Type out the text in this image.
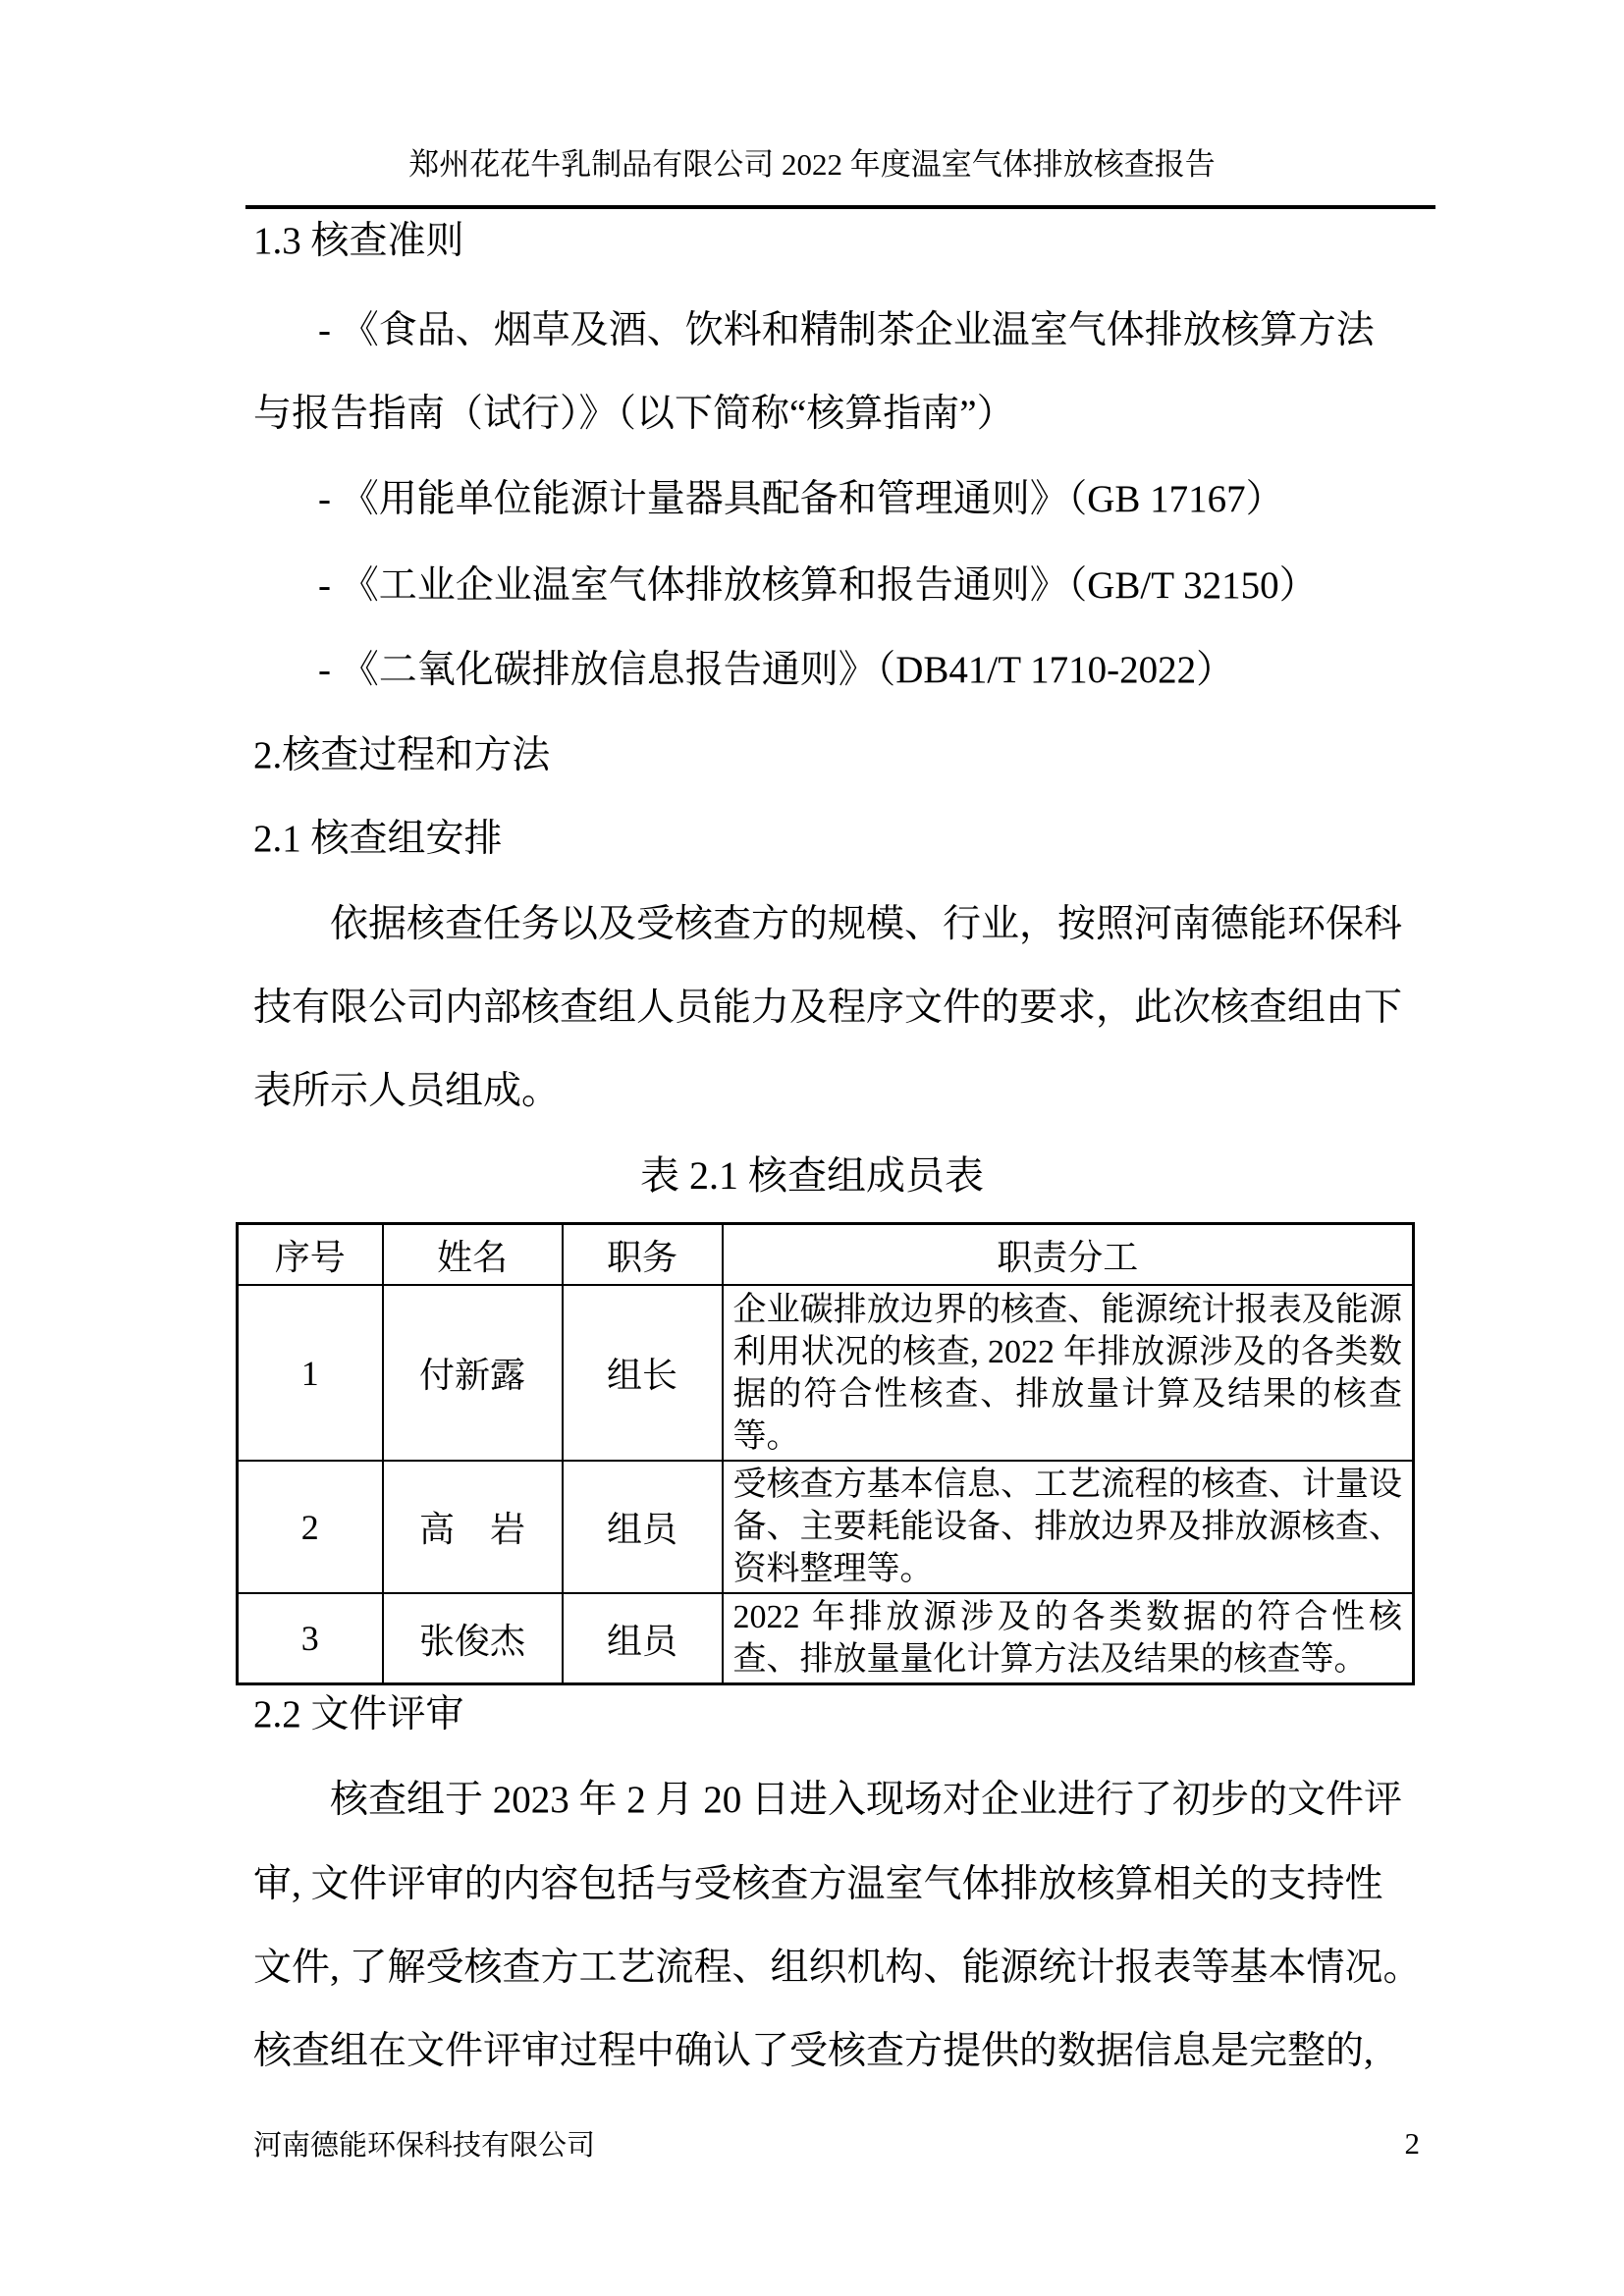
郑州花花牛乳制品有限公司 2022 年度温室气体排放核查报告
1.3 核查准则
- 《食品、烟草及酒、饮料和精制茶企业温室气体排放核算方法
与报告指南（试行）》（以下简称“核算指南”）
- 《用能单位能源计量器具配备和管理通则》（GB 17167）
- 《工业企业温室气体排放核算和报告通则》（GB/T 32150）
- 《二氧化碳排放信息报告通则》（DB41/T 1710-2022）
2.核查过程和方法
2.1 核查组安排
依据核查任务以及受核查方的规模、行业，按照河南德能环保科
技有限公司内部核查组人员能力及程序文件的要求，此次核查组由下
表所示人员组成。
表 2.1 核查组成员表
序号	姓名	职务	职责分工
1	付新露	组长	企业碳排放边界的核查、能源统计报表及能源利用状况的核查, 2022 年排放源涉及的各类数据的符合性核查、排放量计算及结果的核查等。
2	高　岩	组员	受核查方基本信息、工艺流程的核查、计量设备、主要耗能设备、排放边界及排放源核查、资料整理等。
3	张俊杰	组员	2022 年排放源涉及的各类数据的符合性核查、排放量量化计算方法及结果的核查等。
2.2 文件评审
核查组于 2023 年 2 月 20 日进入现场对企业进行了初步的文件评
审, 文件评审的内容包括与受核查方温室气体排放核算相关的支持性
文件, 了解受核查方工艺流程、组织机构、能源统计报表等基本情况。
核查组在文件评审过程中确认了受核查方提供的数据信息是完整的,
河南德能环保科技有限公司	2
